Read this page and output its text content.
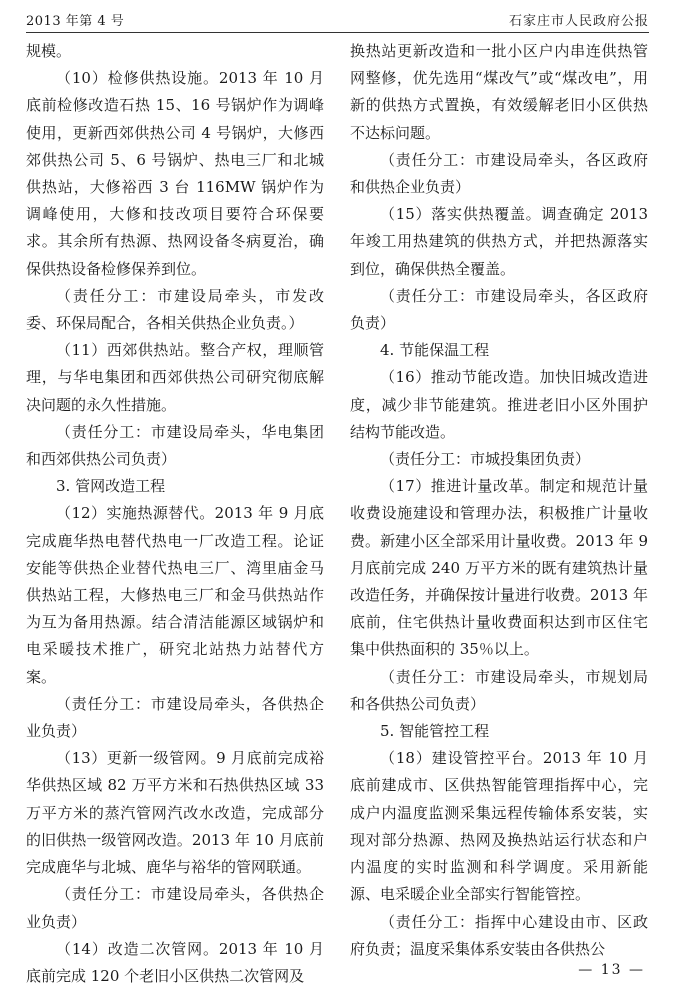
2013 年第 4 号	石家庄市人民政府公报

规模。

（10）检修供热设施。2013 年 10 月底前检修改造石热 15、16 号锅炉作为调峰使用，更新西郊供热公司 4 号锅炉，大修西郊供热公司 5、6 号锅炉、热电三厂和北城供热站，大修裕西 3 台 116MW 锅炉作为调峰使用，大修和技改项目要符合环保要求。其余所有热源、热网设备冬病夏治，确保供热设备检修保养到位。

（责任分工：市建设局牵头，市发改委、环保局配合，各相关供热企业负责。）

（11）西郊供热站。整合产权，理顺管理，与华电集团和西郊供热公司研究彻底解决问题的永久性措施。

（责任分工：市建设局牵头，华电集团和西郊供热公司负责）

3. 管网改造工程

（12）实施热源替代。2013 年 9 月底完成鹿华热电替代热电一厂改造工程。论证安能等供热企业替代热电三厂、湾里庙金马供热站工程，大修热电三厂和金马供热站作为互为备用热源。结合清洁能源区域锅炉和电采暖技术推广，研究北站热力站替代方案。

（责任分工：市建设局牵头，各供热企业负责）

（13）更新一级管网。9 月底前完成裕华供热区域 82 万平方米和石热供热区域 33 万平方米的蒸汽管网汽改水改造，完成部分的旧供热一级管网改造。2013 年 10 月底前完成鹿华与北城、鹿华与裕华的管网联通。

（责任分工：市建设局牵头，各供热企业负责）

（14）改造二次管网。2013 年 10 月底前完成 120 个老旧小区供热二次管网及

换热站更新改造和一批小区户内串连供热管网整修，优先选用“煤改气”或“煤改电”，用新的供热方式置换，有效缓解老旧小区供热不达标问题。

（责任分工：市建设局牵头，各区政府和供热企业负责）

（15）落实供热覆盖。调查确定 2013 年竣工用热建筑的供热方式，并把热源落实到位，确保供热全覆盖。

（责任分工：市建设局牵头，各区政府负责）

4. 节能保温工程

（16）推动节能改造。加快旧城改造进度，减少非节能建筑。推进老旧小区外围护结构节能改造。

（责任分工：市城投集团负责）

（17）推进计量改革。制定和规范计量收费设施建设和管理办法，积极推广计量收费。新建小区全部采用计量收费。2013 年 9 月底前完成 240 万平方米的既有建筑热计量改造任务，并确保按计量进行收费。2013 年底前，住宅供热计量收费面积达到市区住宅集中供热面积的 35％以上。

（责任分工：市建设局牵头，市规划局和各供热公司负责）

5. 智能管控工程

（18）建设管控平台。2013 年 10 月底前建成市、区供热智能管理指挥中心，完成户内温度监测采集远程传输体系安装，实现对部分热源、热网及换热站运行状态和户内温度的实时监测和科学调度。采用新能源、电采暖企业全部实行智能管控。

（责任分工：指挥中心建设由市、区政府负责；温度采集体系安装由各供热公

— 13 —
